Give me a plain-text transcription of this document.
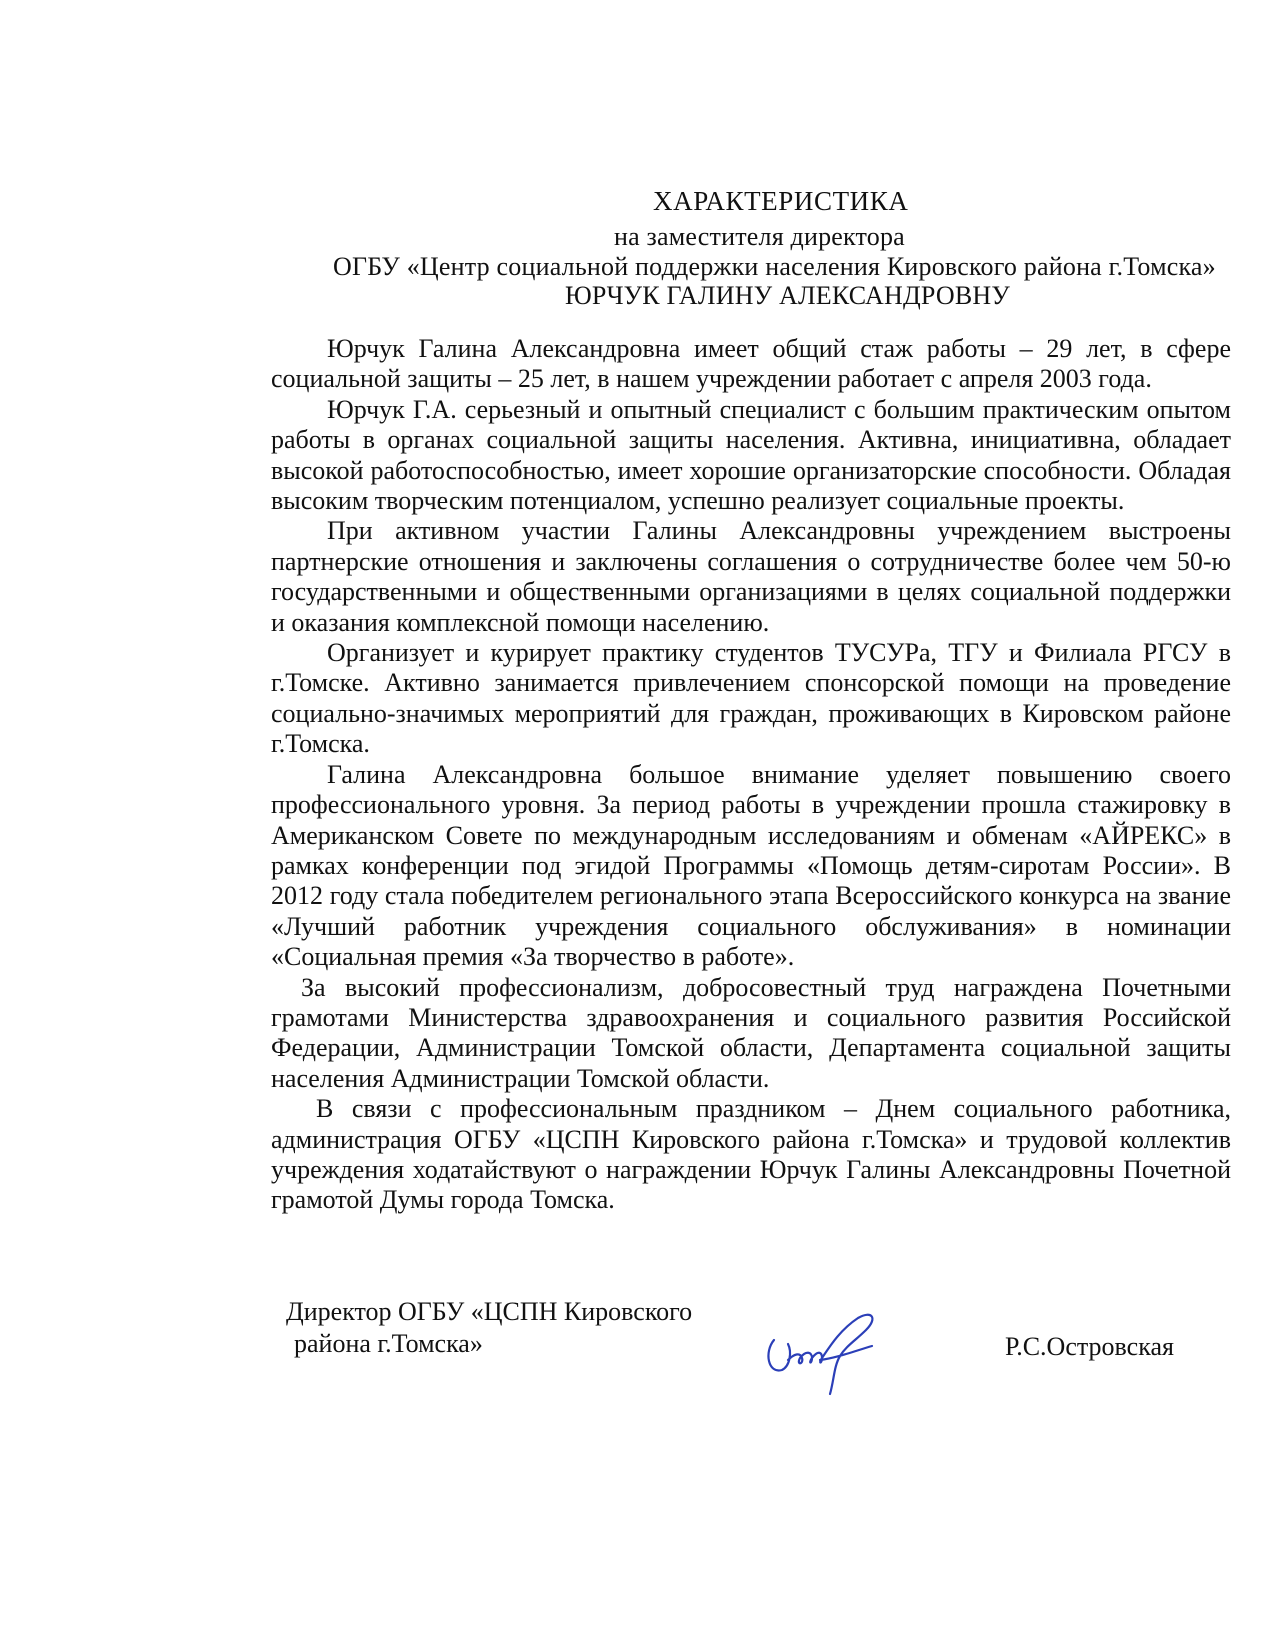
ХАРАКТЕРИСТИКА
на заместителя директора
ОГБУ «Центр социальной поддержки населения Кировского района г.Томска»
ЮРЧУК ГАЛИНУ АЛЕКСАНДРОВНУ

Юрчук Галина Александровна имеет общий стаж работы – 29 лет, в сфере социальной защиты – 25 лет, в нашем учреждении работает с апреля 2003 года.

Юрчук Г.А. серьезный и опытный специалист с большим практическим опытом работы в органах социальной защиты населения. Активна, инициативна, обладает высокой работоспособностью, имеет хорошие организаторские способности. Обладая высоким творческим потенциалом, успешно реализует социальные проекты.

При активном участии Галины Александровны учреждением выстроены партнерские отношения и заключены соглашения о сотрудничестве более чем 50-ю государственными и общественными организациями в целях социальной поддержки и оказания комплексной помощи населению.

Организует и курирует практику студентов ТУСУРа, ТГУ и Филиала РГСУ в г.Томске. Активно занимается привлечением спонсорской помощи на проведение социально-значимых мероприятий для граждан, проживающих в Кировском районе г.Томска.

Галина Александровна большое внимание уделяет повышению своего профессионального уровня. За период работы в учреждении прошла стажировку в Американском Совете по международным исследованиям и обменам «АЙРЕКС» в рамках конференции под эгидой Программы «Помощь детям-сиротам России». В 2012 году стала победителем регионального этапа Всероссийского конкурса на звание «Лучший работник учреждения социального обслуживания» в номинации «Социальная премия «За творчество в работе».

За высокий профессионализм, добросовестный труд награждена Почетными грамотами Министерства здравоохранения и социального развития Российской Федерации, Администрации Томской области, Департамента социальной защиты населения Администрации Томской области.

В связи с профессиональным праздником – Днем социального работника, администрация ОГБУ «ЦСПН Кировского района г.Томска» и трудовой коллектив учреждения ходатайствуют о награждении Юрчук Галины Александровны Почетной грамотой Думы города Томска.

Директор ОГБУ «ЦСПН Кировского
района г.Томска»	Р.С.Островская
